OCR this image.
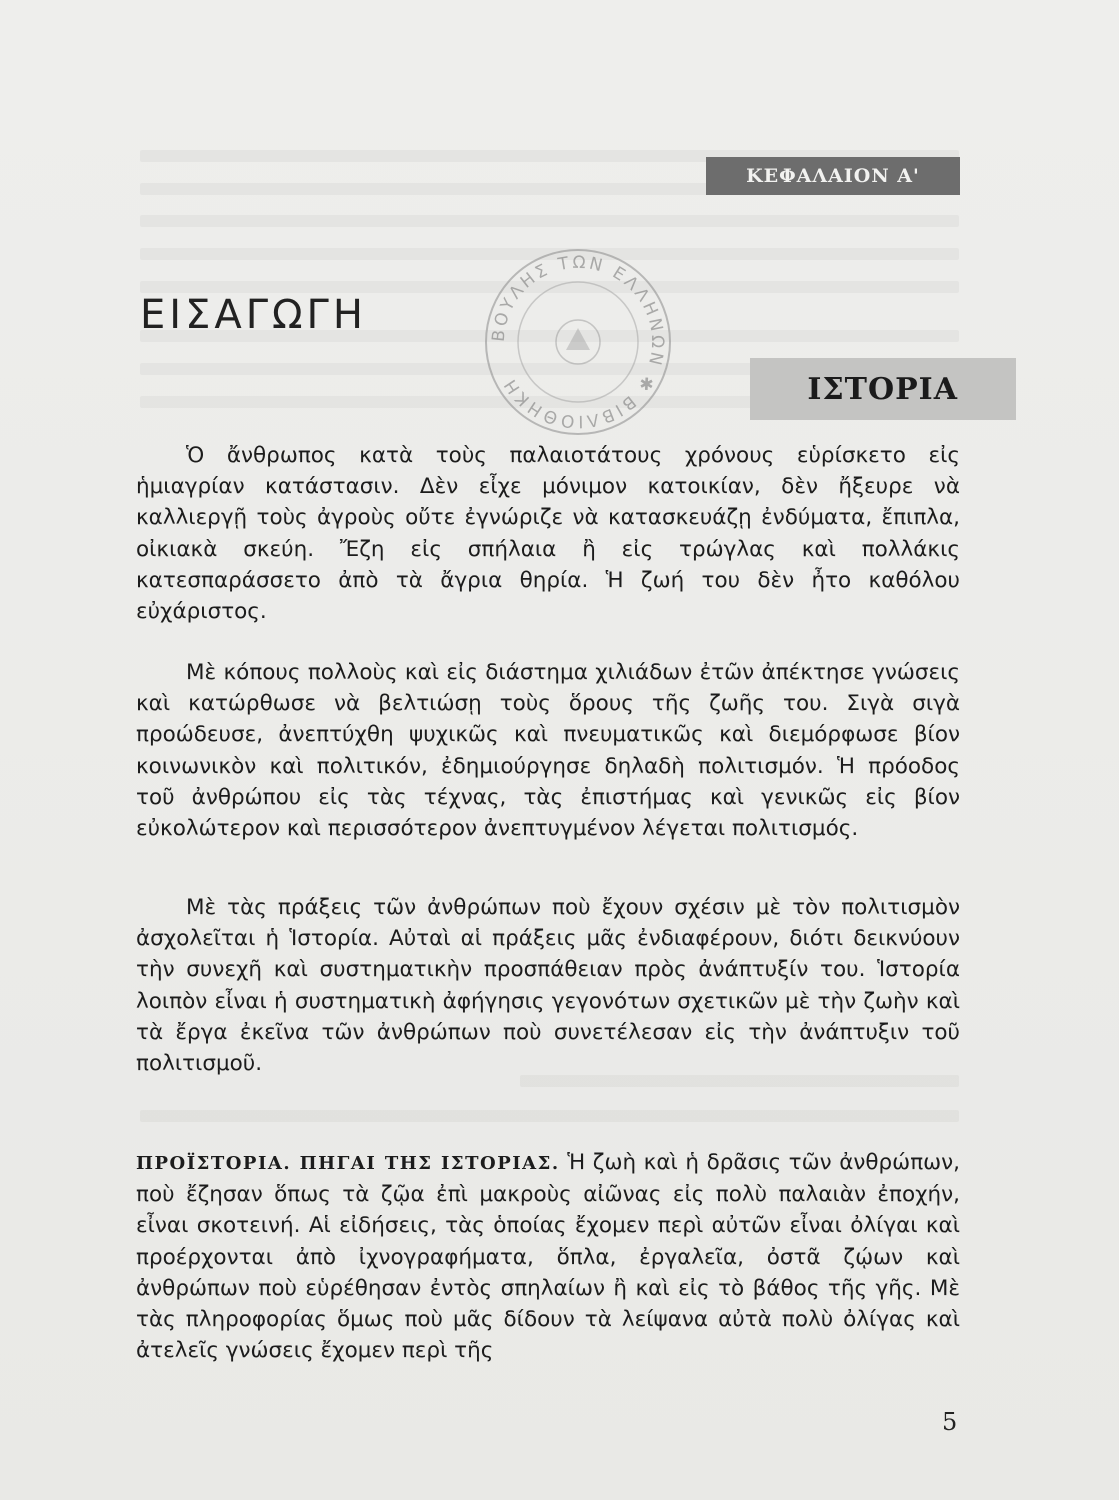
ΚΕΦΑΛΑΙΟΝ Α'
ΕΙΣΑΓΩΓΗ	ΒΟΥΛΗΣ ΤΩΝ ΕΛΛΗΝΩΝ ✱ ΒΙΒΛΙΟΘΗΚΗ	ΙΣΤΟΡΙΑ

Ὁ ἄνθρωπος κατὰ τοὺς παλαιοτάτους χρόνους εὑρίσκετο εἰς ἡμιαγρίαν κατάστασιν. Δὲν εἶχε μόνιμον κατοικίαν, δὲν ἤξευρε νὰ καλλιεργῇ τοὺς ἀγροὺς οὔτε ἐγνώριζε νὰ κατασκευάζῃ ἐνδύματα, ἔπιπλα, οἰκιακὰ σκεύη. Ἔζη εἰς σπήλαια ἢ εἰς τρώγλας καὶ πολλάκις κατεσπαράσσετο ἀπὸ τὰ ἄγρια θηρία. Ἡ ζωή του δὲν ἦτο καθόλου εὐχάριστος.

Μὲ κόπους πολλοὺς καὶ εἰς διάστημα χιλιάδων ἐτῶν ἀπέκτησε γνώσεις καὶ κατώρθωσε νὰ βελτιώσῃ τοὺς ὅρους τῆς ζωῆς του. Σιγὰ σιγὰ προώδευσε, ἀνεπτύχθη ψυχικῶς καὶ πνευματικῶς καὶ διεμόρφωσε βίον κοινωνικὸν καὶ πολιτικόν, ἐδημιούργησε δηλαδὴ πολιτισμόν. Ἡ πρόοδος τοῦ ἀνθρώπου εἰς τὰς τέχνας, τὰς ἐπιστήμας καὶ γενικῶς εἰς βίον εὐκολώτερον καὶ περισσότερον ἀνεπτυγμένον λέγεται πολιτισμός.

Μὲ τὰς πράξεις τῶν ἀνθρώπων ποὺ ἔχουν σχέσιν μὲ τὸν πολιτισμὸν ἀσχολεῖται ἡ Ἱστορία. Αὐταὶ αἱ πράξεις μᾶς ἐνδιαφέρουν, διότι δεικνύουν τὴν συνεχῆ καὶ συστηματικὴν προσπάθειαν πρὸς ἀνάπτυξίν του. Ἱστορία λοιπὸν εἶναι ἡ συστηματικὴ ἀφήγησις γεγονότων σχετικῶν μὲ τὴν ζωὴν καὶ τὰ ἔργα ἐκεῖνα τῶν ἀνθρώπων ποὺ συνετέλεσαν εἰς τὴν ἀνάπτυξιν τοῦ πολιτισμοῦ.

ΠΡΟΪΣΤΟΡΙΑ. ΠΗΓΑΙ ΤΗΣ ΙΣΤΟΡΙΑΣ. Ἡ ζωὴ καὶ ἡ δρᾶσις τῶν ἀνθρώπων, ποὺ ἔζησαν ὅπως τὰ ζῷα ἐπὶ μακροὺς αἰῶνας εἰς πολὺ παλαιὰν ἐποχήν, εἶναι σκοτεινή. Αἱ εἰδήσεις, τὰς ὁποίας ἔχομεν περὶ αὐτῶν εἶναι ὀλίγαι καὶ προέρχονται ἀπὸ ἰχνογραφήματα, ὅπλα, ἐργαλεῖα, ὀστᾶ ζῴων καὶ ἀνθρώπων ποὺ εὑρέθησαν ἐντὸς σπηλαίων ἢ καὶ εἰς τὸ βάθος τῆς γῆς. Μὲ τὰς πληροφορίας ὅμως ποὺ μᾶς δίδουν τὰ λείψανα αὐτὰ πολὺ ὀλίγας καὶ ἀτελεῖς γνώσεις ἔχομεν περὶ τῆς

5
